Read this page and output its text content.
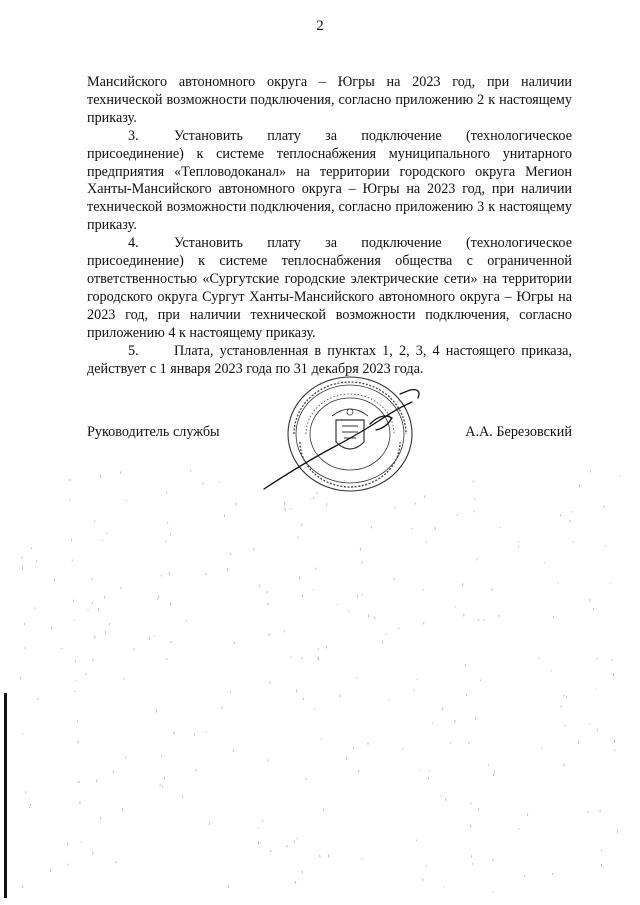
2

Мансийского автономного округа – Югры на 2023 год, при наличии технической возможности подключения, согласно приложению 2 к настоящему приказу.

3. Установить плату за подключение (технологическое присоединение) к системе теплоснабжения муниципального унитарного предприятия «Тепловодоканал» на территории городского округа Мегион Ханты-Мансийского автономного округа – Югры на 2023 год, при наличии технической возможности подключения, согласно приложению 3 к настоящему приказу.

4. Установить плату за подключение (технологическое присоединение) к системе теплоснабжения общества с ограниченной ответственностью «Сургутские городские электрические сети» на территории городского округа Сургут Ханты-Мансийского автономного округа – Югры на 2023 год, при наличии технической возможности подключения, согласно приложению 4 к настоящему приказу.

5. Плата, установленная в пунктах 1, 2, 3, 4 настоящего приказа, действует с 1 января 2023 года по 31 декабря 2023 года.

Руководитель службы	А.А. Березовский
